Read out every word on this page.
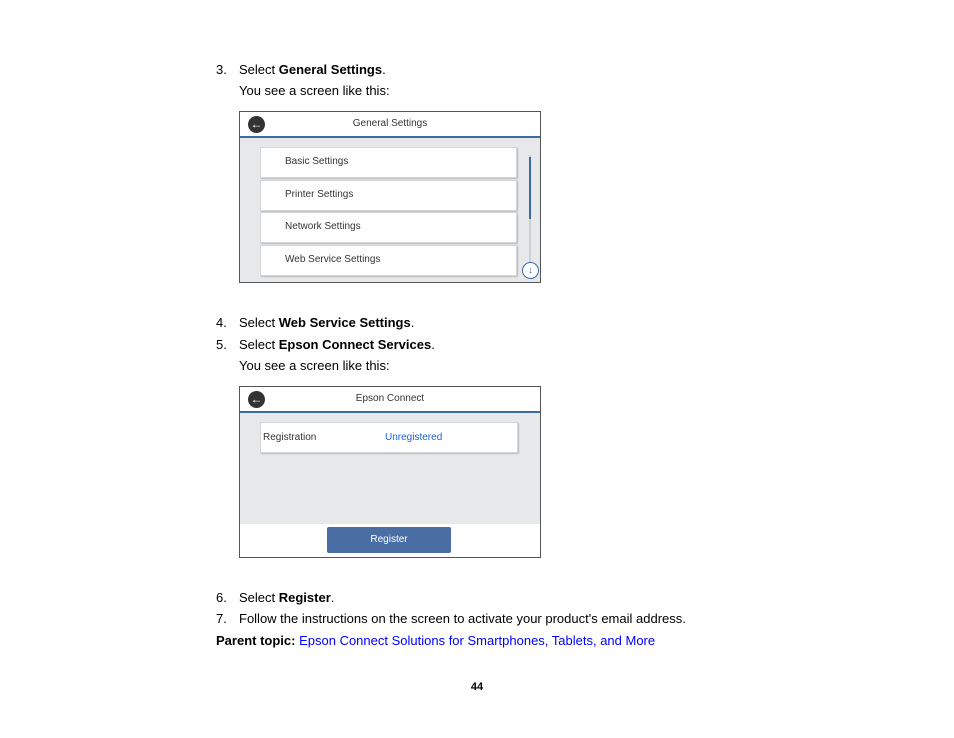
3. Select General Settings.
You see a screen like this:
←	General Settings
Basic Settings
Printer Settings
Network Settings
Web Service Settings
↓
4. Select Web Service Settings.
5. Select Epson Connect Services.
You see a screen like this:
←	Epson Connect
Registration	Unregistered
Register
6. Select Register.
7. Follow the instructions on the screen to activate your product's email address.
Parent topic: Epson Connect Solutions for Smartphones, Tablets, and More
44
